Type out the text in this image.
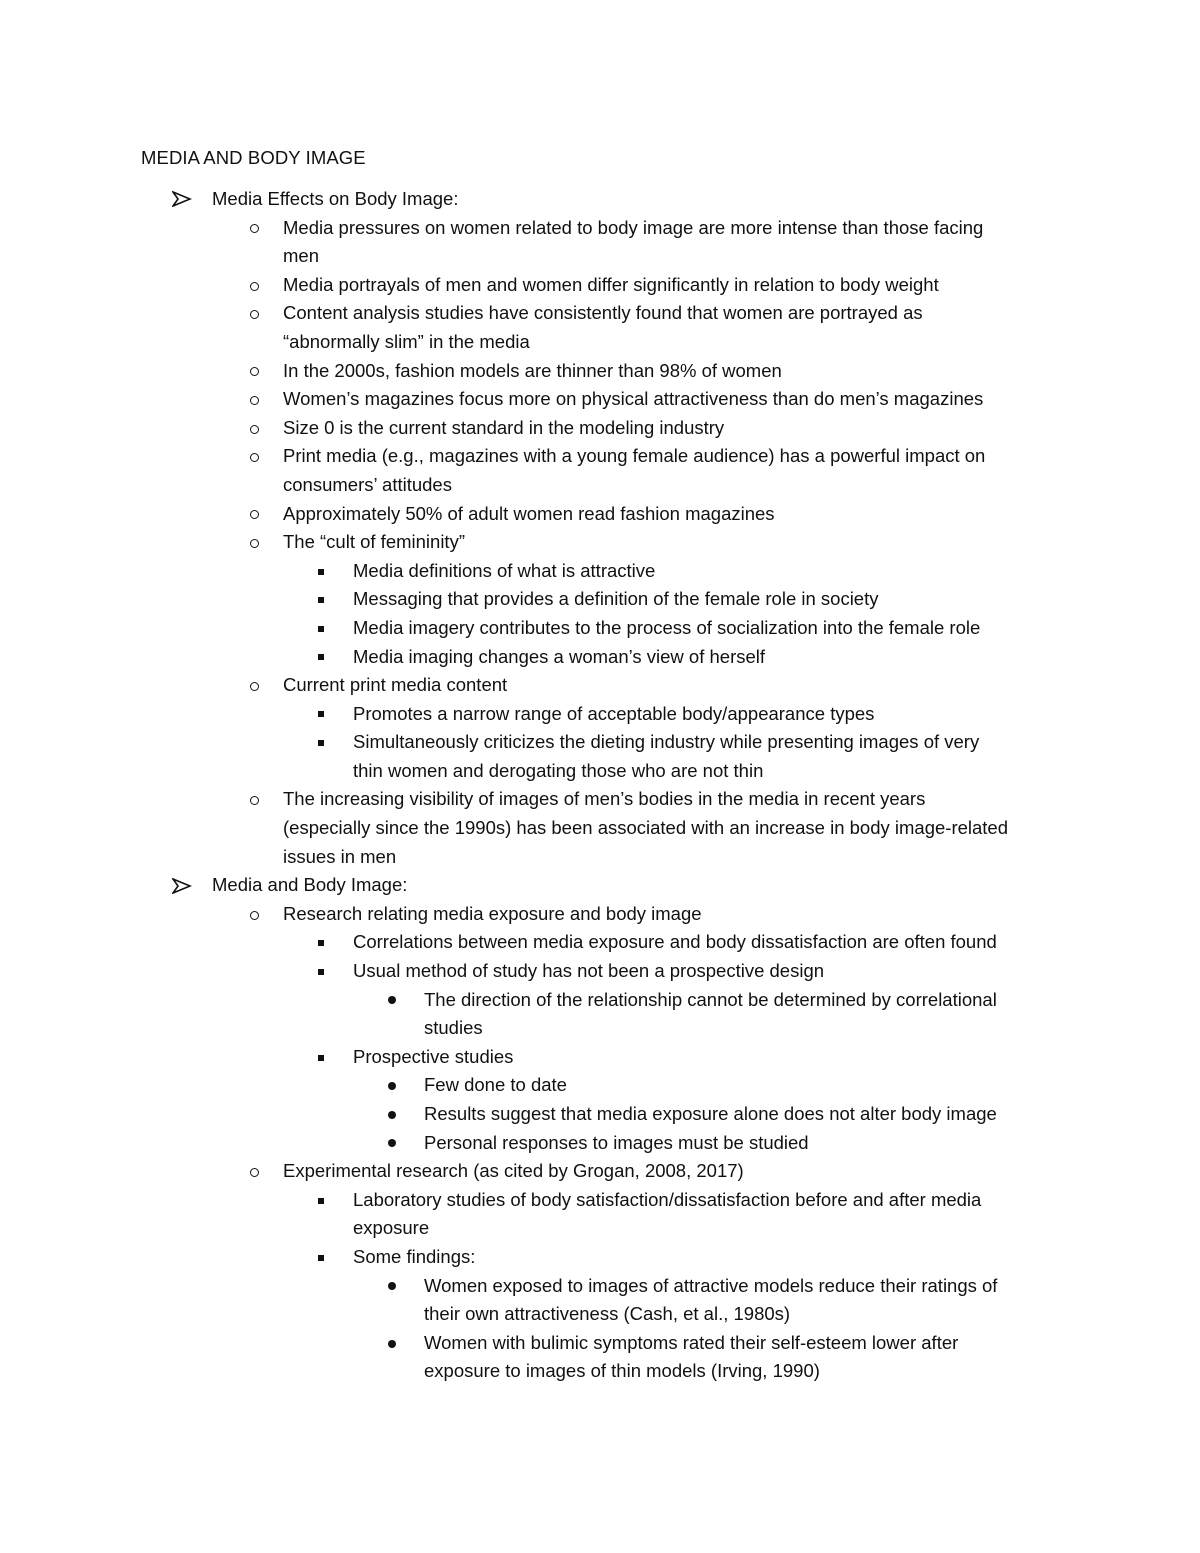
MEDIA AND BODY IMAGE
Media Effects on Body Image:
Media pressures on women related to body image are more intense than those facing
men
Media portrayals of men and women differ significantly in relation to body weight
Content analysis studies have consistently found that women are portrayed as
“abnormally slim” in the media
In the 2000s, fashion models are thinner than 98% of women
Women’s magazines focus more on physical attractiveness than do men’s magazines
Size 0 is the current standard in the modeling industry
Print media (e.g., magazines with a young female audience) has a powerful impact on
consumers’ attitudes
Approximately 50% of adult women read fashion magazines
The “cult of femininity”
Media definitions of what is attractive
Messaging that provides a definition of the female role in society
Media imagery contributes to the process of socialization into the female role
Media imaging changes a woman’s view of herself
Current print media content
Promotes a narrow range of acceptable body/appearance types
Simultaneously criticizes the dieting industry while presenting images of very
thin women and derogating those who are not thin
The increasing visibility of images of men’s bodies in the media in recent years
(especially since the 1990s) has been associated with an increase in body image-related
issues in men
Media and Body Image:
Research relating media exposure and body image
Correlations between media exposure and body dissatisfaction are often found
Usual method of study has not been a prospective design
The direction of the relationship cannot be determined by correlational
studies
Prospective studies
Few done to date
Results suggest that media exposure alone does not alter body image
Personal responses to images must be studied
Experimental research (as cited by Grogan, 2008, 2017)
Laboratory studies of body satisfaction/dissatisfaction before and after media
exposure
Some findings:
Women exposed to images of attractive models reduce their ratings of
their own attractiveness (Cash, et al., 1980s)
Women with bulimic symptoms rated their self-esteem lower after
exposure to images of thin models (Irving, 1990)
